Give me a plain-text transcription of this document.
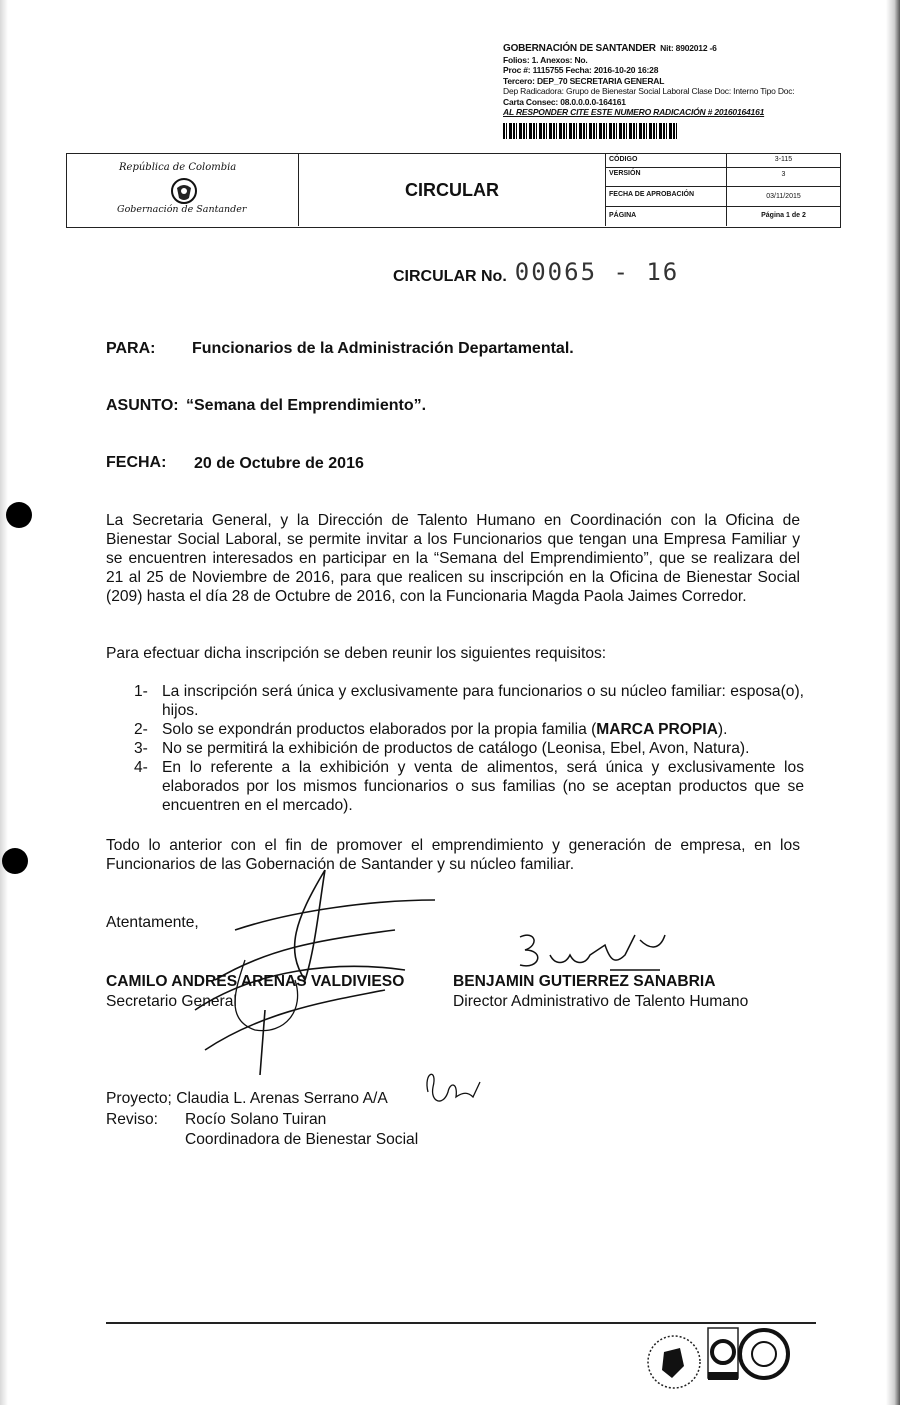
GOBERNACIÓN DE SANTANDER Nit: 8902012 -6
Folios: 1. Anexos: No.
Proc #: 1115755 Fecha: 2016-10-20 16:28
Tercero: DEP_70 SECRETARIA GENERAL
Dep Radicadora: Grupo de Bienestar Social Laboral Clase Doc: Interno Tipo Doc:
Carta Consec: 08.0.0.0.0-164161
AL RESPONDER CITE ESTE NUMERO RADICACIÓN # 20160164161
República de Colombia
Gobernación de Santander
CIRCULAR
CÓDIGO	3-115
VERSIÓN	3
FECHA DE APROBACIÓN	03/11/2015
PÁGINA	Página 1 de 2
CIRCULAR No. 00065 - 16
PARA: Funcionarios de la Administración Departamental.
ASUNTO: “Semana del Emprendimiento”.
FECHA: 20 de Octubre de 2016
La Secretaria General, y la Dirección de Talento Humano en Coordinación con la Oficina de Bienestar Social Laboral, se permite invitar a los Funcionarios que tengan una Empresa Familiar y se encuentren interesados en participar en la “Semana del Emprendimiento”, que se realizara del 21 al 25 de Noviembre de 2016, para que realicen su inscripción en la Oficina de Bienestar Social (209) hasta el día 28 de Octubre de 2016, con la Funcionaria Magda Paola Jaimes Corredor.
Para efectuar dicha inscripción se deben reunir los siguientes requisitos:
1- La inscripción será única y exclusivamente para funcionarios o su núcleo familiar: esposa(o), hijos.
2- Solo se expondrán productos elaborados por la propia familia (MARCA PROPIA).
3- No se permitirá la exhibición de productos de catálogo (Leonisa, Ebel, Avon, Natura).
4- En lo referente a la exhibición y venta de alimentos, será única y exclusivamente los elaborados por los mismos funcionarios o sus familias (no se aceptan productos que se encuentren en el mercado).
Todo lo anterior con el fin de promover el emprendimiento y generación de empresa, en los Funcionarios de las Gobernación de Santander y su núcleo familiar.
Atentamente,
CAMILO ANDRES ARENAS VALDIVIESO
Secretario General
BENJAMIN GUTIERREZ SANABRIA
Director Administrativo de Talento Humano
Proyecto; Claudia L. Arenas Serrano A/A
Reviso: Rocío Solano Tuiran
Coordinadora de Bienestar Social
